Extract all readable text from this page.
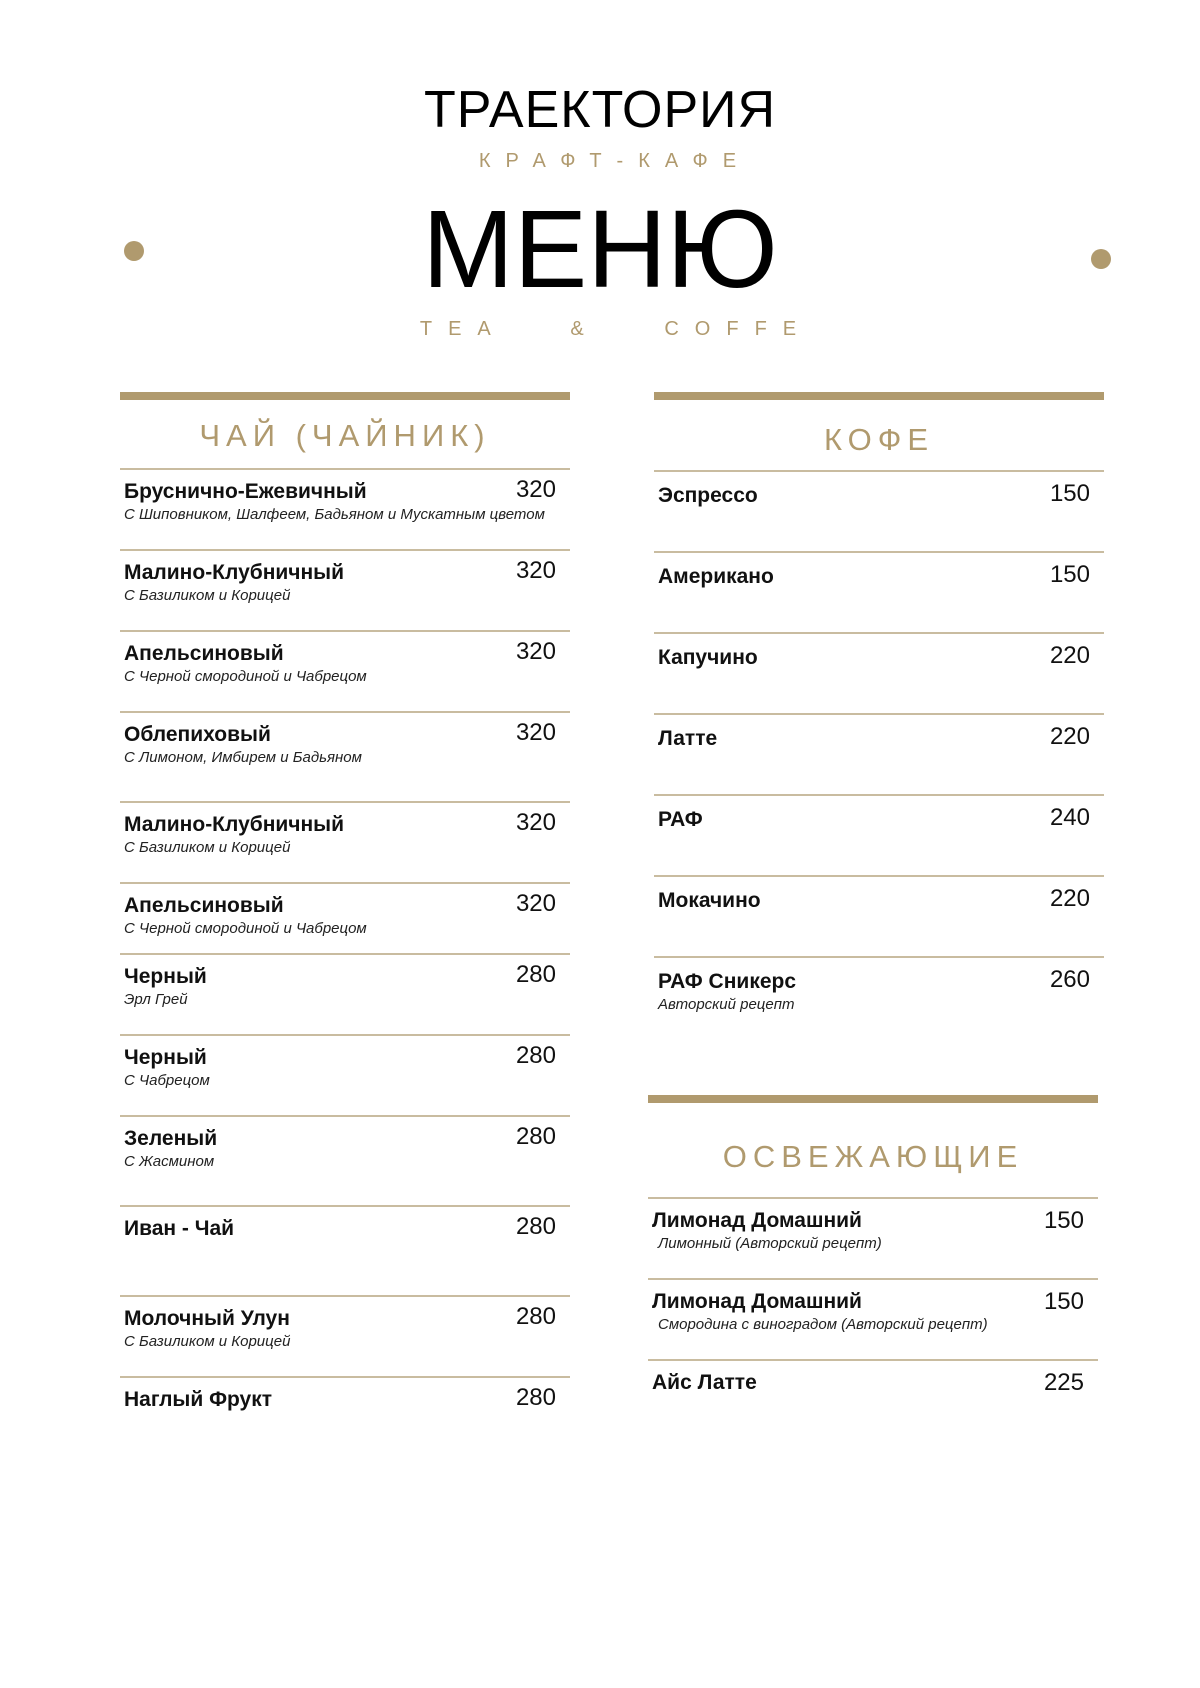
ТРАЕКТОРИЯ
КРАФТ-КАФЕ
МЕНЮ
TEA   &   COFFE
ЧАЙ (ЧАЙНИК)
Бруснично-Ежевичный
С Шиповником, Шалфеем, Бадьяном и Мускатным цветом
320
Малино-Клубничный
С Базиликом и Корицей
320
Апельсиновый
С Черной смородиной и Чабрецом
320
Облепиховый
С Лимоном, Имбирем и Бадьяном
320
Малино-Клубничный
С Базиликом и Корицей
320
Апельсиновый
С Черной смородиной и Чабрецом
320
Черный
Эрл Грей
280
Черный
С Чабрецом
280
Зеленый
С Жасмином
280
Иван - Чай	280
Молочный Улун
С Базиликом и Корицей
280
Наглый Фрукт	280
КОФЕ
Эспрессо	150
Американо	150
Капучино	220
Латте	220
РАФ	240
Мокачино	220
РАФ Сникерс
Авторский рецепт
260
ОСВЕЖАЮЩИЕ
Лимонад Домашний
Лимонный (Авторский рецепт)
150
Лимонад Домашний
Смородина с виноградом (Авторский рецепт)
150
Айс Латте	225
